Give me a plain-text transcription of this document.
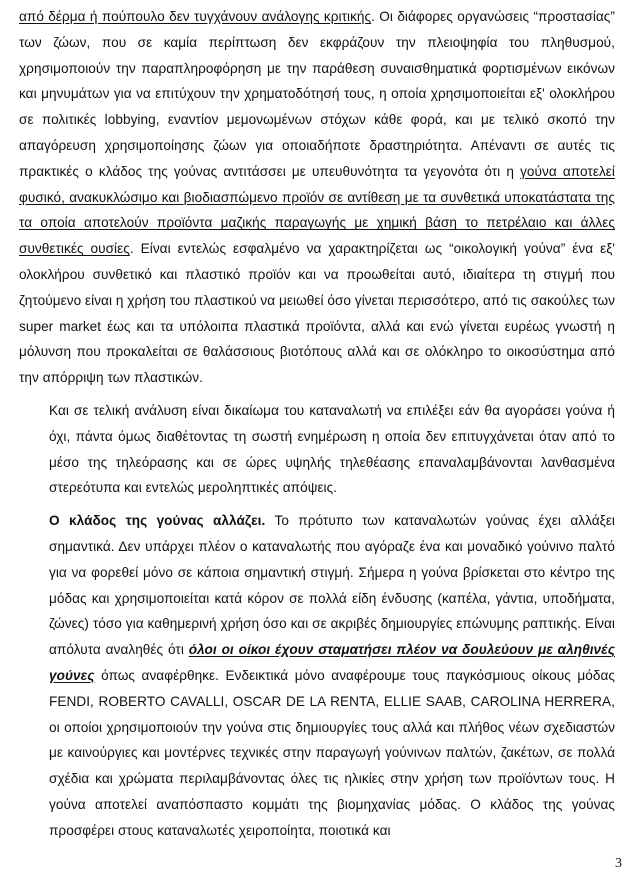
από δέρμα ή πούπουλο δεν τυγχάνουν ανάλογης κριτικής. Οι διάφορες οργανώσεις “προστασίας” των ζώων, που σε καμία περίπτωση δεν εκφράζουν την πλειοψηφία του πληθυσμού, χρησιμοποιούν την παραπληροφόρηση με την παράθεση συναισθηματικά φορτισμένων εικόνων και μηνυμάτων για να επιτύχουν την χρηματοδότησή τους, η οποία χρησιμοποιείται εξ' ολοκλήρου σε πολιτικές lobbying, εναντίον μεμονωμένων στόχων κάθε φορά, και με τελικό σκοπό την απαγόρευση χρησιμοποίησης ζώων για οποιαδήποτε δραστηριότητα. Απέναντι σε αυτές τις πρακτικές ο κλάδος της γούνας αντιτάσσει με υπευθυνότητα τα γεγονότα ότι η γούνα αποτελεί φυσικό, ανακυκλώσιμο και βιοδιασπώμενο προϊόν σε αντίθεση με τα συνθετικά υποκατάστατα της τα οποία αποτελούν προϊόντα μαζικής παραγωγής με χημική βάση το πετρέλαιο και άλλες συνθετικές ουσίες. Είναι εντελώς εσφαλμένο να χαρακτηρίζεται ως “οικολογική γούνα” ένα εξ' ολοκλήρου συνθετικό και πλαστικό προϊόν και να προωθείται αυτό, ιδιαίτερα τη στιγμή που ζητούμενο είναι η χρήση του πλαστικού να μειωθεί όσο γίνεται περισσότερο, από τις σακούλες των super market έως και τα υπόλοιπα πλαστικά προϊόντα, αλλά και ενώ γίνεται ευρέως γνωστή η μόλυνση που προκαλείται σε θαλάσσιους βιοτόπους αλλά και σε ολόκληρο το οικοσύστημα από την απόρριψη των πλαστικών.

Και σε τελική ανάλυση είναι δικαίωμα του καταναλωτή να επιλέξει εάν θα αγοράσει γούνα ή όχι, πάντα όμως διαθέτοντας τη σωστή ενημέρωση η οποία δεν επιτυγχάνεται όταν από το μέσο της τηλεόρασης και σε ώρες υψηλής τηλεθέασης επαναλαμβάνονται λανθασμένα στερεότυπα και εντελώς μεροληπτικές απόψεις.

Ο κλάδος της γούνας αλλάζει. Το πρότυπο των καταναλωτών γούνας έχει αλλάξει σημαντικά. Δεν υπάρχει πλέον ο καταναλωτής που αγόραζε ένα και μοναδικό γούνινο παλτό για να φορεθεί μόνο σε κάποια σημαντική στιγμή. Σήμερα η γούνα βρίσκεται στο κέντρο της μόδας και χρησιμοποιείται κατά κόρον σε πολλά είδη ένδυσης (καπέλα, γάντια, υποδήματα, ζώνες) τόσο για καθημερινή χρήση όσο και σε ακριβές δημιουργίες επώνυμης ραπτικής. Είναι απόλυτα αναληθές ότι όλοι οι οίκοι έχουν σταματήσει πλέον να δουλεύουν με αληθινές γούνες όπως αναφέρθηκε. Ενδεικτικά μόνο αναφέρουμε τους παγκόσμιους οίκους μόδας FENDI, ROBERTO CAVALLI, OSCAR DE LA RENTA, ELLIE SAAB, CAROLINA HERRERA, οι οποίοι χρησιμοποιούν την γούνα στις δημιουργίες τους αλλά και πλήθος νέων σχεδιαστών με καινούργιες και μοντέρνες τεχνικές στην παραγωγή γούνινων παλτών, ζακέτων, σε πολλά σχέδια και χρώματα περιλαμβάνοντας όλες τις ηλικίες στην χρήση των προϊόντων τους. Η γούνα αποτελεί αναπόσπαστο κομμάτι της βιομηχανίας μόδας. Ο κλάδος της γούνας προσφέρει στους καταναλωτές χειροποίητα, ποιοτικά και

3
